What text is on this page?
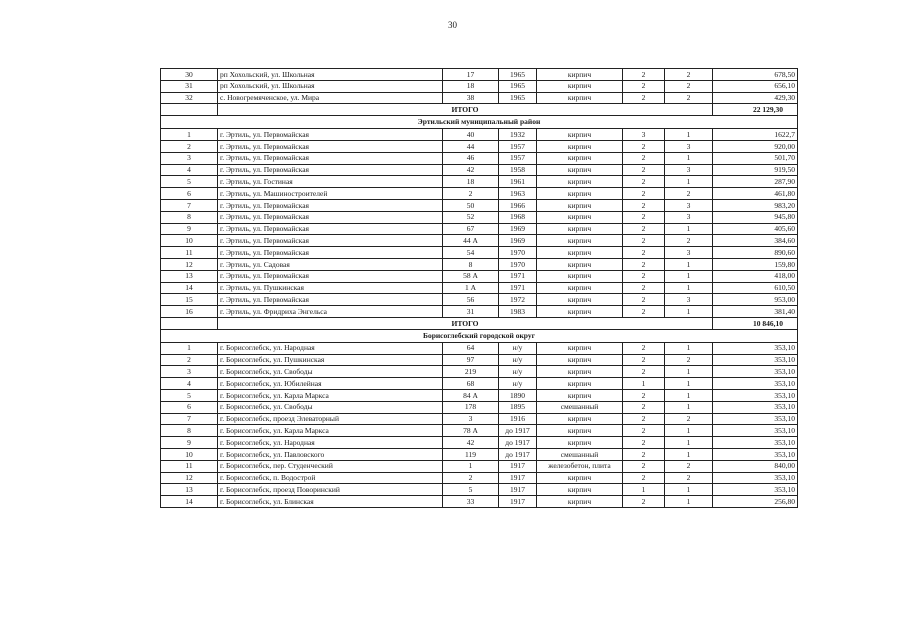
30
30	рп Хохольский, ул. Школьная	17	1965	кирпич	2	2	678,50
31	рп Хохольский, ул. Школьная	18	1965	кирпич	2	2	656,10
32	с. Новогремяченское, ул. Мира	38	1965	кирпич	2	2	429,30
	ИТОГО						22 129,30
Эртильский муниципальный район							
1	г. Эртиль, ул. Первомайская	40	1932	кирпич	3	1	1622,7
2	г. Эртиль, ул. Первомайская	44	1957	кирпич	2	3	920,00
3	г. Эртиль, ул. Первомайская	46	1957	кирпич	2	1	501,70
4	г. Эртиль, ул. Первомайская	42	1958	кирпич	2	3	919,50
5	г. Эртиль, ул. Гостиная	18	1961	кирпич	2	1	287,90
6	г. Эртиль, ул. Машиностроителей	2	1963	кирпич	2	2	461,80
7	г. Эртиль, ул. Первомайская	50	1966	кирпич	2	3	983,20
8	г. Эртиль, ул. Первомайская	52	1968	кирпич	2	3	945,80
9	г. Эртиль, ул. Первомайская	67	1969	кирпич	2	1	405,60
10	г. Эртиль, ул. Первомайская	44 А	1969	кирпич	2	2	384,60
11	г. Эртиль, ул. Первомайская	54	1970	кирпич	2	3	890,60
12	г. Эртиль, ул. Садовая	8	1970	кирпич	2	1	159,80
13	г. Эртиль, ул. Первомайская	58 А	1971	кирпич	2	1	418,00
14	г. Эртиль, ул. Пушкинская	1 А	1971	кирпич	2	1	610,50
15	г. Эртиль, ул. Первомайская	56	1972	кирпич	2	3	953,00
16	г. Эртиль, ул. Фридриха Энгельса	31	1983	кирпич	2	1	381,40
	ИТОГО						10 846,10
Борисоглебский городской округ							
1	г. Борисоглебск, ул. Народная	64	н/у	кирпич	2	1	353,10
2	г. Борисоглебск, ул. Пушкинская	97	н/у	кирпич	2	2	353,10
3	г. Борисоглебск, ул. Свободы	219	н/у	кирпич	2	1	353,10
4	г. Борисоглебск, ул. Юбилейная	68	н/у	кирпич	1	1	353,10
5	г. Борисоглебск, ул. Карла Маркса	84 А	1890	кирпич	2	1	353,10
6	г. Борисоглебск, ул. Свободы	178	1895	смешанный	2	1	353,10
7	г. Борисоглебск, проезд Элеваторный	3	1916	кирпич	2	2	353,10
8	г. Борисоглебск, ул. Карла Маркса	78 А	до 1917	кирпич	2	1	353,10
9	г. Борисоглебск, ул. Народная	42	до 1917	кирпич	2	1	353,10
10	г. Борисоглебск, ул. Павловского	119	до 1917	смешанный	2	1	353,10
11	г. Борисоглебск, пер. Студенческий	1	1917	железобетон, плита	2	2	840,00
12	г. Борисоглебск, п. Водострой	2	1917	кирпич	2	2	353,10
13	г. Борисоглебск, проезд Поворинский	5	1917	кирпич	1	1	353,10
14	г. Борисоглебск, ул. Блинская	33	1917	кирпич	2	1	256,80
